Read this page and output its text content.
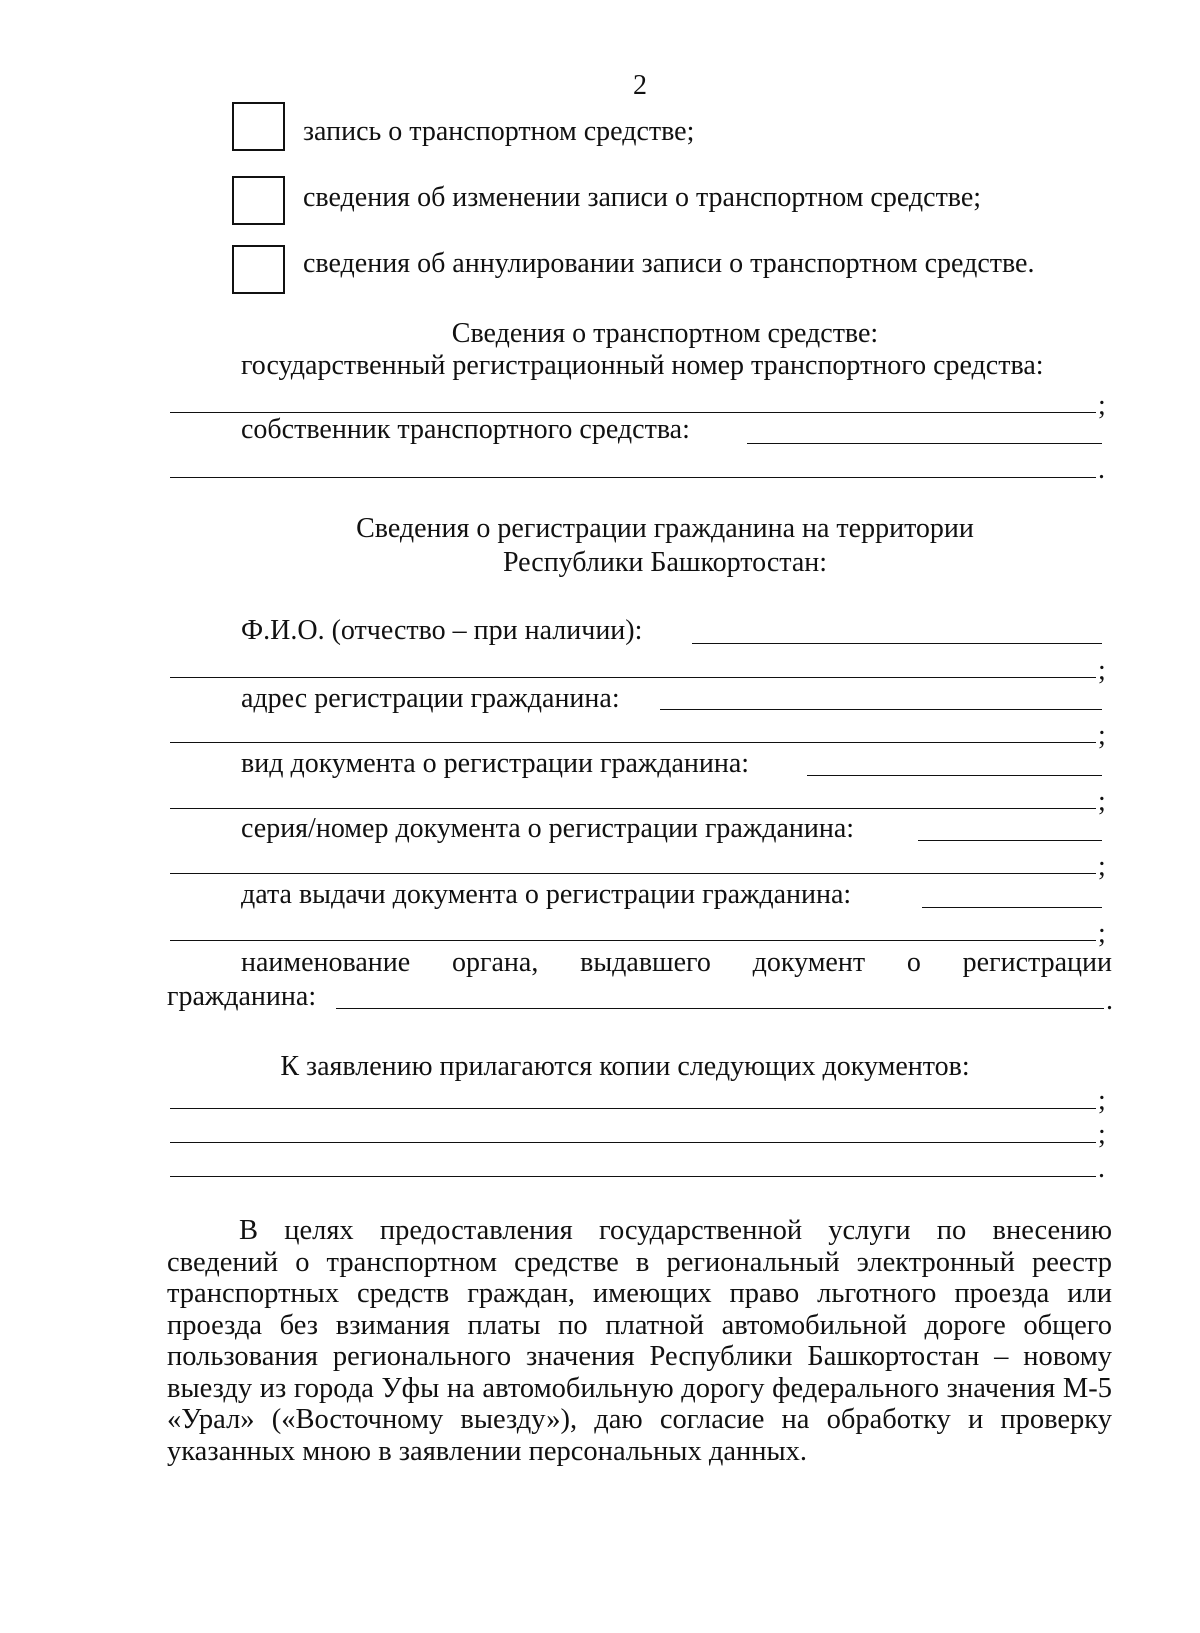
2
запись о транспортном средстве;
сведения об изменении записи о транспортном средстве;
сведения об аннулировании записи о транспортном средстве.
Сведения о транспортном средстве:
государственный регистрационный номер транспортного средства:
;
собственник транспортного средства:
.
Сведения о регистрации гражданина на территории
Республики Башкортостан:
Ф.И.О. (отчество – при наличии):
;
адрес регистрации гражданина:
;
вид документа о регистрации гражданина:
;
серия/номер документа о регистрации гражданина:
;
дата выдачи документа о регистрации гражданина:
;
наименование органа, выдавшего документ о регистрации
гражданина:	.
К заявлению прилагаются копии следующих документов:
;
;
.
В целях предоставления государственной услуги по внесению сведений о транспортном средстве в региональный электронный реестр транспортных средств граждан, имеющих право льготного проезда или проезда без взимания платы по платной автомобильной дороге общего пользования регионального значения Республики Башкортостан – новому выезду из города Уфы на автомобильную дорогу федерального значения М-5 «Урал» («Восточному выезду»), даю согласие на обработку и проверку указанных мною в заявлении персональных данных.
